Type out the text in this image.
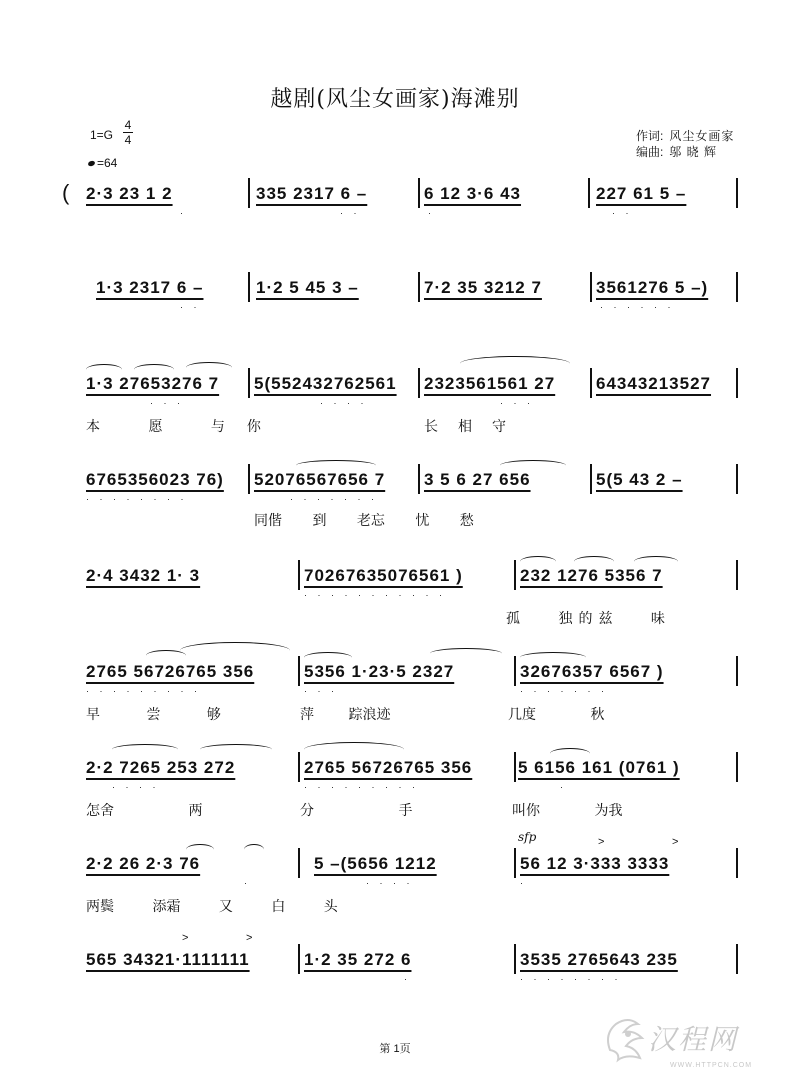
越剧(风尘女画家)海滩别
1=G
4
4
=64
作词: 风尘女画家
编曲: 邬 晓 辉
( 2·3 23 1 2	335 2317 6 –	6 12 3·6 43	227 61 5 –
·	· ·	·	· ·
1·3 2317 6 –	1·2 5 45 3 –	7·2 35 3212 7	3561276 5 –)
· ·	· · · · · ·
1·3 27653276 7 5(552432762561 2323561561 27 64343213527
· · ·	· · · ·	· · ·
本 愿 与你	长相守
6765356023 76) 52076567656 7 3 5 6 27 656	5(5 43 2 –
· · · · · · · ·	· · · · · · ·
同偕 到 老忘 忧 愁
2·4 3432 1· 3	70267635076561 )	232 1276 5356 7
· · · · · · · · · · ·
孤 独的兹 味
2765 56726765 356	5356 1·23·5 2327	32676357 6567 )
· · · · · · · · ·	· · ·	· · · · · · ·
早 尝 够	萍 踪浪迹	几度 秋
2·2 7265 253 272	2765 56726765 356	5 6156 161 (0761 )
· · · ·	· · · · · · · · ·	·
怎舍 两	分 手	叫你 为我
2·2 26 2·3 76	5 –(5656 1212
sfp	>	>
56 12 3·333 3333
·	· · · ·	·
两鬓 添霜 又 白 头
>	>
565 34321·1111111	1·2 35 272 6	3535 2765643 235
·	· · · · · · · ·
第 1页	汉程网
WWW.HTTPCN.COM
